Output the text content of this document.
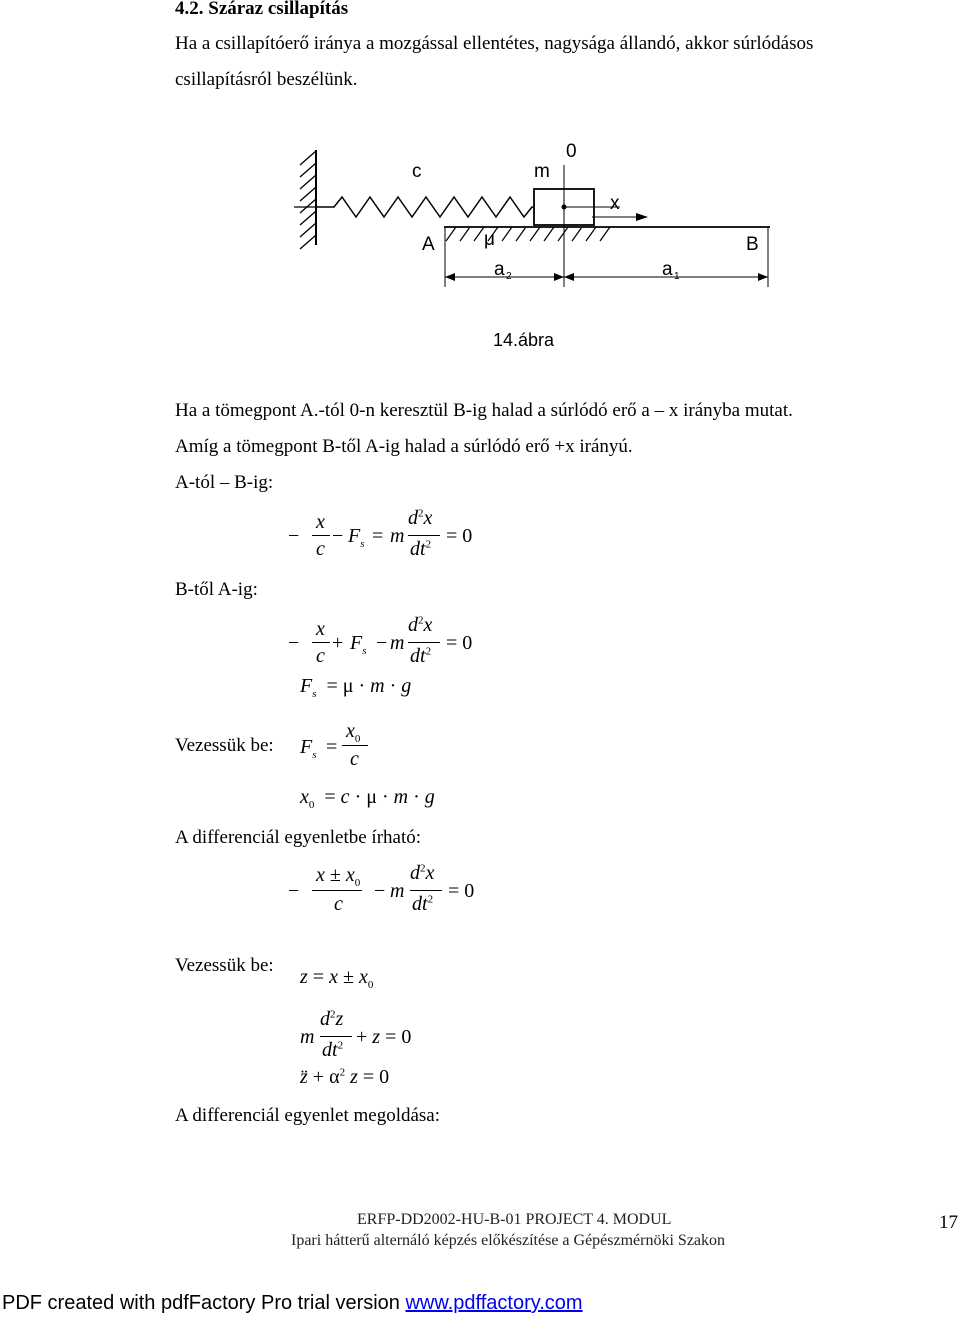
4.2. Száraz csillapítás
Ha a csillapítóerő iránya a mozgással ellentétes, nagysága állandó, akkor súrlódásos
csillapításról beszélünk.
c	m
0
x
A	μ	B
a 2	a 1
14.ábra
Ha a tömegpont A.-tól 0-n keresztül B-ig halad a súrlódó erő a – x irányba mutat.
Amíg a tömegpont B-től A-ig halad a súrlódó erő +x irányú.
A-tól – B-ig:
−
x
c
− $F_s = m$
$d^2x$
$dt^2 = 0$
B-től A-ig:
−
x
c
+ $F_s - m$
$d^2x$
$dt^2 = 0$
$F_s = \mu \cdot m \cdot g$
Vezessük be: $F_s$ =
$x_0$
c
$x_0 = c \cdot \mu \cdot m \cdot g$
A differenciál egyenletbe írható:
−
$x \pm x_0$
c
− m
$d^2x$
$dt^2 = 0$
Vezessük be:
$z = x \pm x_0$
m
$d^2z$
$dt^2 + z = 0$
z̈ + $\alpha^2$ z = 0
A differenciál egyenlet megoldása:
ERFP-DD2002-HU-B-01 PROJECT 4. MODUL
Ipari hátterű alternáló képzés előkészítése a Gépészmérnöki Szakon
17
PDF created with pdfFactory Pro trial version www.pdffactory.com
